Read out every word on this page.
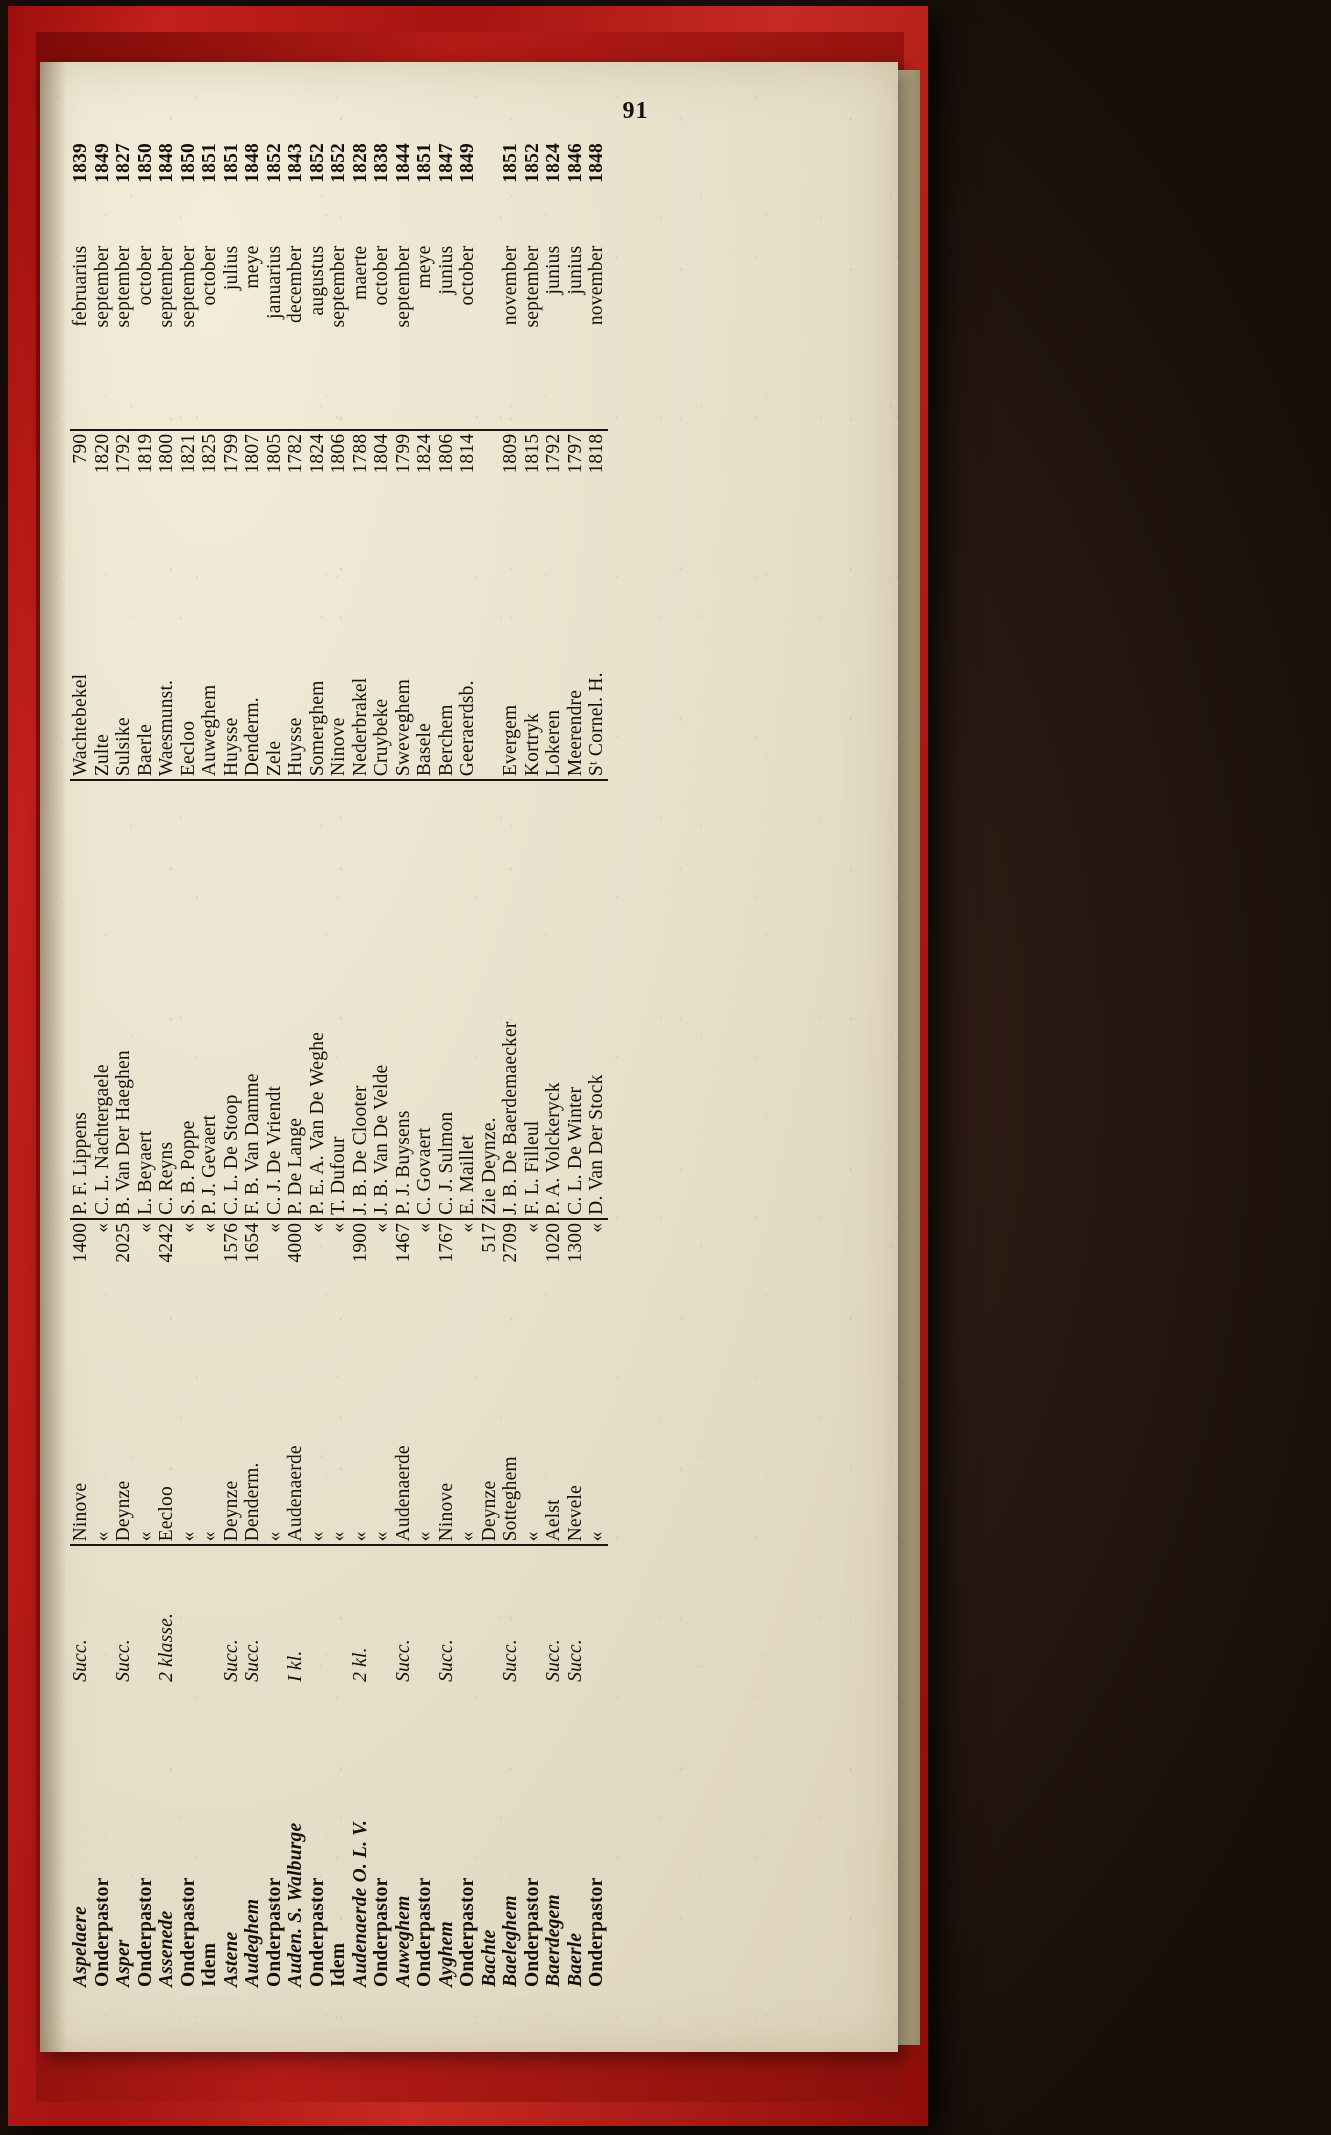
91
Aspelaere	Succ.	Ninove	1400	P. F. Lippens	Wachtebekel	790	februarius	1839
Onderpastor		«	«	C. L. Nachtergaele	Zulte	1820	september	1849
Asper	Succ.	Deynze	2025	B. Van Der Haeghen	Sulsike	1792	september	1827
Onderpastor		«	«	L. Beyaert	Baerle	1819	october	1850
Assenede	2 klasse.	Eecloo	4242	C. Reyns	Waesmunst.	1800	september	1848
Onderpastor		«	«	S. B. Poppe	Eecloo	1821	september	1850
Idem		«	«	P. J. Gevaert	Auweghem	1825	october	1851
Astene	Succ.	Deynze	1576	C. L. De Stoop	Huysse	1799	julius	1851
Audeghem	Succ.	Denderm.	1654	F. B. Van Damme	Denderm.	1807	meye	1848
Onderpastor		«	«	C. J. De Vriendt	Zele	1805	januarius	1852
Auden. S. Walburge	I kl.	Audenaerde	4000	P. De Lange	Huysse	1782	december	1843
Onderpastor		«	«	P. E. A. Van De Weghe	Somerghem	1824	augustus	1852
Idem		«	«	T. Dufour	Ninove	1806	september	1852
Audenaerde O. L. V.	2 kl.	«	1900	J. B. De Clooter	Nederbrakel	1788	maerte	1828
Onderpastor		«	«	J. B. Van De Velde	Cruybeke	1804	october	1838
Auweghem	Succ.	Audenaerde	1467	P. J. Buysens	Sweveghem	1799	september	1844
Onderpastor		«	«	C. Govaert	Basele	1824	meye	1851
Ayghem	Succ.	Ninove	1767	C. J. Sulmon	Berchem	1806	junius	1847
Onderpastor		«	«	E. Maillet	Geeraerdsb.	1814	october	1849
Bachte		Deynze	517	Zie Deynze.				
Baeleghem	Succ.	Sotteghem	2709	J. B. De Baerdemaecker	Evergem	1809	november	1851
Onderpastor		«	«	F. L. Filleul	Kortryk	1815	september	1852
Baerdegem	Succ.	Aelst	1020	P. A. Volckeryck	Lokeren	1792	junius	1824
Baerle	Succ.	Nevele	1300	C. L. De Winter	Meerendre	1797	junius	1846
Onderpastor		«	«	D. Van Der Stock	Sᵗ Cornel. H.	1818	november	1848
